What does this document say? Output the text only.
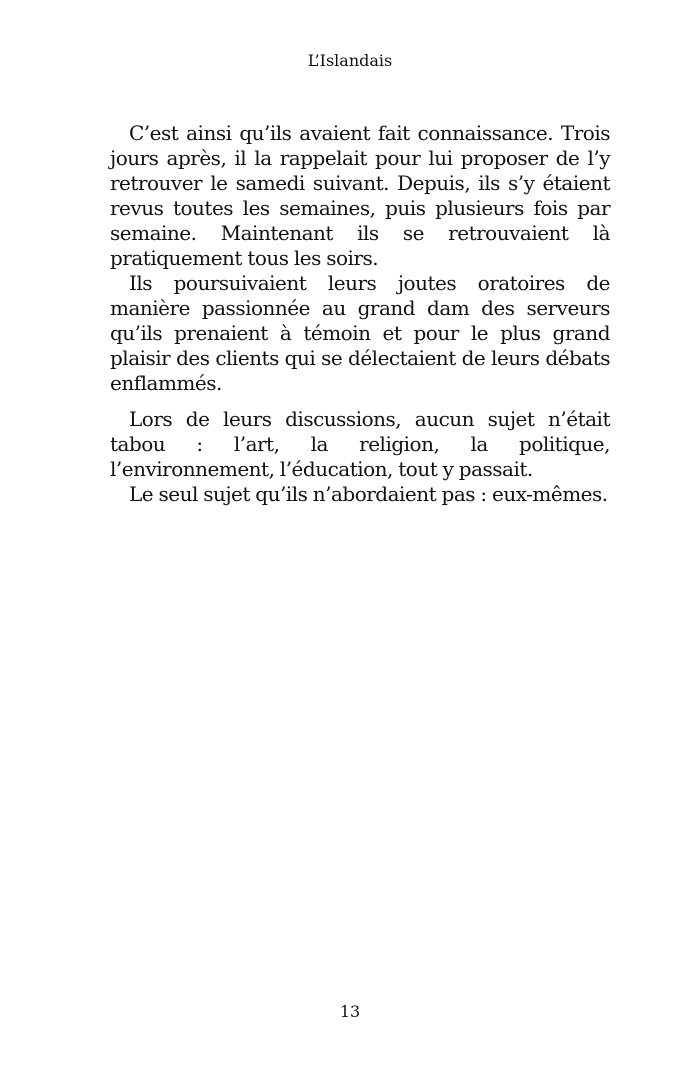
L’Islandais

C’est ainsi qu’ils avaient fait connaissance. Trois jours après, il la rappelait pour lui proposer de l’y retrouver le samedi suivant. Depuis, ils s’y étaient revus toutes les semaines, puis plusieurs fois par semaine. Maintenant ils se retrouvaient là pratiquement tous les soirs.

Ils poursuivaient leurs joutes oratoires de manière passionnée au grand dam des serveurs qu’ils prenaient à témoin et pour le plus grand plaisir des clients qui se délectaient de leurs débats enflammés.

Lors de leurs discussions, aucun sujet n’était tabou : l’art, la religion, la politique, l’environnement, l’éducation, tout y passait.

Le seul sujet qu’ils n’abordaient pas : eux-mêmes.

13
